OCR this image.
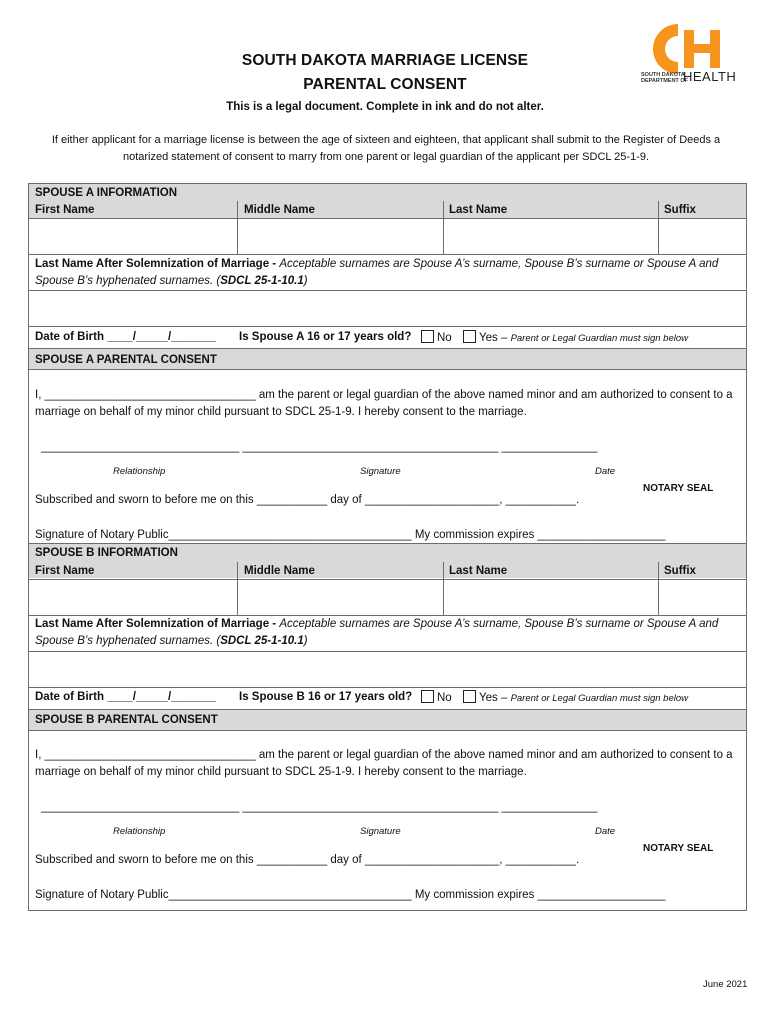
SOUTH DAKOTA MARRIAGE LICENSE
PARENTAL CONSENT
This is a legal document. Complete in ink and do not alter.
If either applicant for a marriage license is between the age of sixteen and eighteen, that applicant shall submit to the Register of Deeds a notarized statement of consent to marry from one parent or legal guardian of the applicant per SDCL 25-1-9.
SOUTH DAKOTA
DEPARTMENT OF
HEALTH
SPOUSE A INFORMATION
First Name	Middle Name	Last Name	Suffix
Last Name After Solemnization of Marriage - Acceptable surnames are Spouse A’s surname, Spouse B’s surname or Spouse A and Spouse B’s hyphenated surnames. (SDCL 25-1-10.1)
Date of Birth ____/_____/_______ Is Spouse A 16 or 17 years old?	No	Yes – Parent or Legal Guardian must sign below
SPOUSE A PARENTAL CONSENT
I, _________________________________ am the parent or legal guardian of the above named minor and am authorized to consent to a marriage on behalf of my minor child pursuant to SDCL 25-1-9. I hereby consent to the marriage.
_______________________________ ________________________________________ _______________
Relationship	Signature	Date
NOTARY SEAL
Subscribed and sworn to before me on this ___________ day of _____________________, ___________.
Signature of Notary Public______________________________________ My commission expires ____________________
SPOUSE B INFORMATION
First Name	Middle Name	Last Name	Suffix
Last Name After Solemnization of Marriage - Acceptable surnames are Spouse A’s surname, Spouse B’s surname or Spouse A and Spouse B’s hyphenated surnames. (SDCL 25-1-10.1)
Date of Birth ____/_____/_______ Is Spouse B 16 or 17 years old?	No	Yes – Parent or Legal Guardian must sign below
SPOUSE B PARENTAL CONSENT
I, _________________________________ am the parent or legal guardian of the above named minor and am authorized to consent to a marriage on behalf of my minor child pursuant to SDCL 25-1-9. I hereby consent to the marriage.
_______________________________ ________________________________________ _______________
Relationship	Signature	Date
NOTARY SEAL
Subscribed and sworn to before me on this ___________ day of _____________________, ___________.
Signature of Notary Public______________________________________ My commission expires ____________________
June 2021
